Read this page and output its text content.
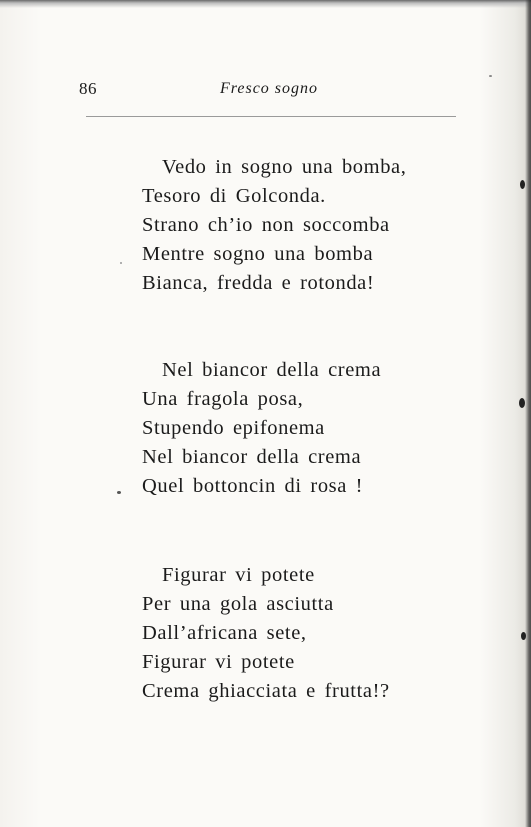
86	Fresco sogno
Vedo in sogno una bomba,
Tesoro di Golconda.
Strano ch’io non soccomba
Mentre sogno una bomba
Bianca, fredda e rotonda!
Nel biancor della crema
Una fragola posa,
Stupendo epifonema
Nel biancor della crema
Quel bottoncin di rosa !
Figurar vi potete
Per una gola asciutta
Dall’africana sete,
Figurar vi potete
Crema ghiacciata e frutta!?
